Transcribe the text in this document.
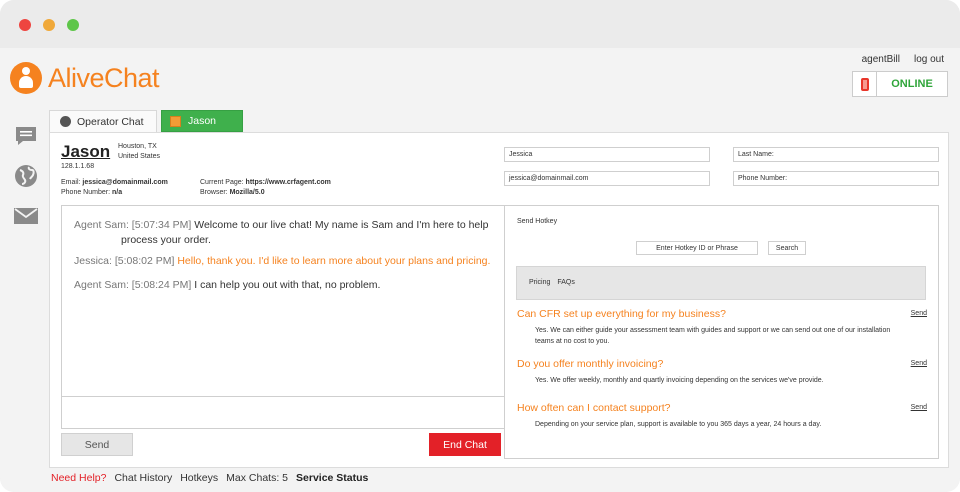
AliveChat
agentBill log out
ONLINE
Operator Chat	Jason
Jason Houston, TX
United States
128.1.1.68
Email: jessica@domainmail.com
Phone Number: n/a
Current Page: https://www.crfagent.com
Browser: Mozilla/5.0
Jessica	Last Name:
jessica@domainmail.com	Phone Number:
Agent Sam: [5:07:34 PM] Welcome to our live chat! My name is Sam and I'm here to help
process your order.
Jessica: [5:08:02 PM] Hello, thank you. I'd like to learn more about your plans and pricing.
Agent Sam: [5:08:24 PM] I can help you out with that, no problem.
Send	End Chat
Send Hotkey
Enter Hotkey ID or Phrase	Search
Pricing FAQs
Can CFR set up everything for my business?	Send
Yes. We can either guide your assessment team with guides and support or we can send out one of our installation teams at no cost to you.
Do you offer monthly invoicing?	Send
Yes. We offer weekly, monthly and quartly invoicing depending on the services we've provide.
How often can I contact support?	Send
Depending on your service plan, support is available to you 365 days a year, 24 hours a day.
Need Help? Chat History Hotkeys Max Chats: 5 Service Status
